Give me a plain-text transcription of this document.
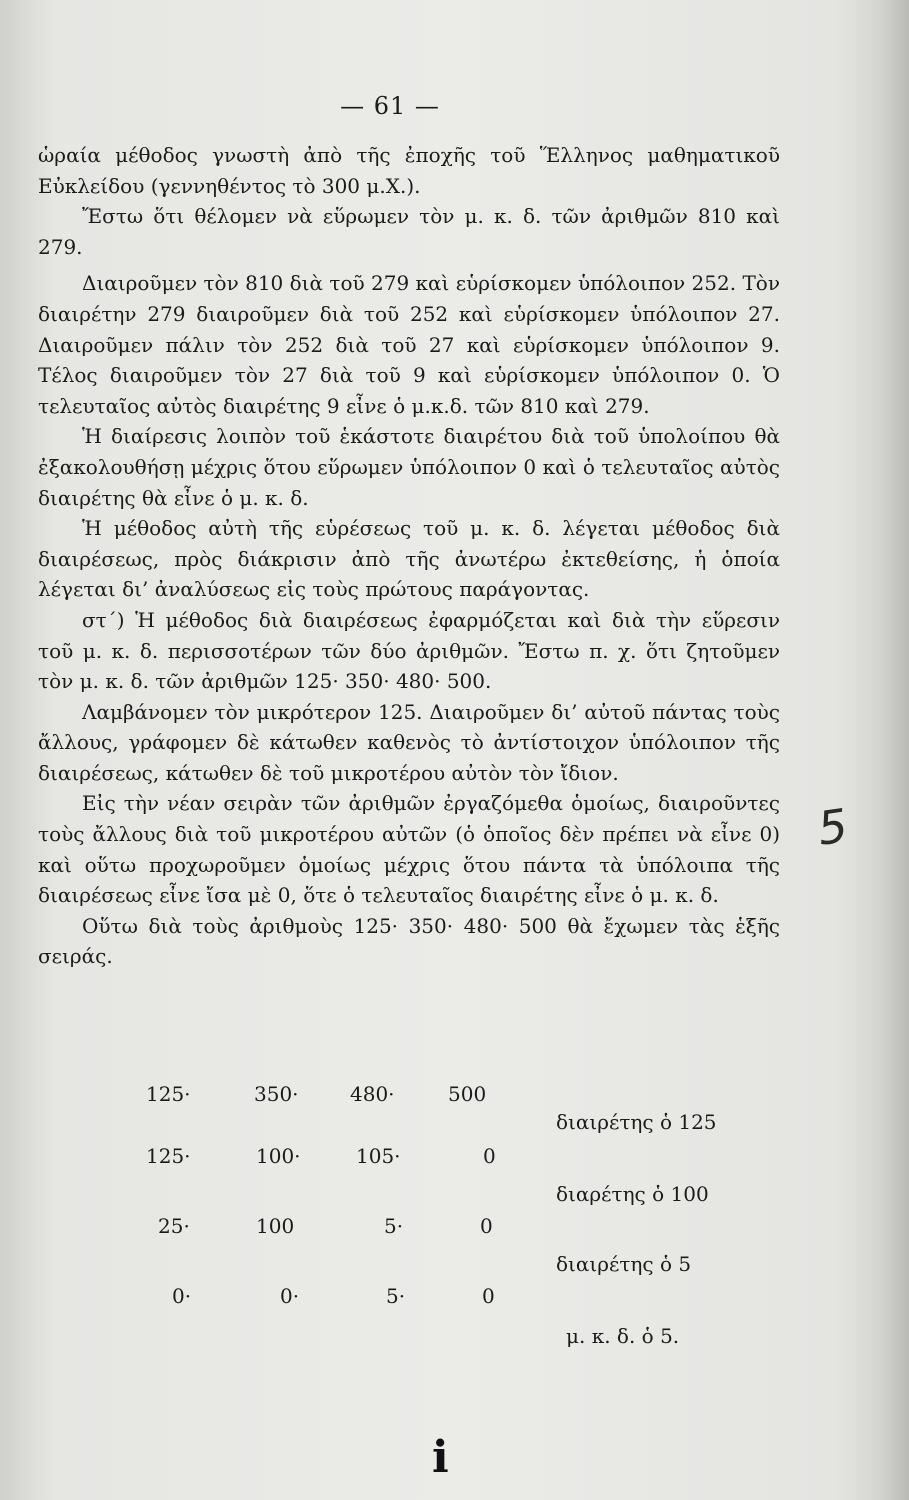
— 61 —

ὡραία μέθοδος γνωστὴ ἀπὸ τῆς ἐποχῆς τοῦ Ἕλληνος μαθηματικοῦ Εὐκλείδου (γεννηθέντος τὸ 300 μ.Χ.).

Ἔστω ὅτι θέλομεν νὰ εὕρωμεν τὸν μ. κ. δ. τῶν ἀριθμῶν 810 καὶ 279.

Διαιροῦμεν τὸν 810 διὰ τοῦ 279 καὶ εὑρίσκομεν ὑπόλοιπον 252. Τὸν διαιρέτην 279 διαιροῦμεν διὰ τοῦ 252 καὶ εὑρίσκομεν ὑπόλοιπον 27. Διαιροῦμεν πάλιν τὸν 252 διὰ τοῦ 27 καὶ εὑρίσκομεν ὑπόλοιπον 9. Τέλος διαιροῦμεν τὸν 27 διὰ τοῦ 9 καὶ εὑρίσκομεν ὑπόλοιπον 0. Ὁ τελευταῖος αὐτὸς διαιρέτης 9 εἶνε ὁ μ.κ.δ. τῶν 810 καὶ 279.

Ἡ διαίρεσις λοιπὸν τοῦ ἑκάστοτε διαιρέτου διὰ τοῦ ὑπολοίπου θὰ ἐξακολουθήσῃ μέχρις ὅτου εὕρωμεν ὑπόλοιπον 0 καὶ ὁ τελευταῖος αὐτὸς διαιρέτης θὰ εἶνε ὁ μ. κ. δ.

Ἡ μέθοδος αὐτὴ τῆς εὑρέσεως τοῦ μ. κ. δ. λέγεται μέθοδος διὰ διαιρέσεως, πρὸς διάκρισιν ἀπὸ τῆς ἀνωτέρω ἐκτεθείσης, ἡ ὁποία λέγεται δι’ ἀναλύσεως εἰς τοὺς πρώτους παράγοντας.

στ΄) Ἡ μέθοδος διὰ διαιρέσεως ἐφαρμόζεται καὶ διὰ τὴν εὕρεσιν τοῦ μ. κ. δ. περισσοτέρων τῶν δύο ἀριθμῶν. Ἔστω π. χ. ὅτι ζητοῦμεν τὸν μ. κ. δ. τῶν ἀριθμῶν 125· 350· 480· 500.

Λαμβάνομεν τὸν μικρότερον 125. Διαιροῦμεν δι’ αὐτοῦ πάντας τοὺς ἄλλους, γράφομεν δὲ κάτωθεν καθενὸς τὸ ἀντίστοιχον ὑπόλοιπον τῆς διαιρέσεως, κάτωθεν δὲ τοῦ μικροτέρου αὐτὸν τὸν ἴδιον.

Εἰς τὴν νέαν σειρὰν τῶν ἀριθμῶν ἐργαζόμεθα ὁμοίως, διαιροῦντες τοὺς ἄλλους διὰ τοῦ μικροτέρου αὐτῶν (ὁ ὁποῖος δὲν πρέπει νὰ εἶνε 0) καὶ οὕτω προχωροῦμεν ὁμοίως μέχρις ὅτου πάντα τὰ ὑπόλοιπα τῆς διαιρέσεως εἶνε ἴσα μὲ 0, ὅτε ὁ τελευταῖος διαιρέτης εἶνε ὁ μ. κ. δ.

Οὕτω διὰ τοὺς ἀριθμοὺς 125· 350· 480· 500 θὰ ἔχωμεν τὰς ἑξῆς σειράς.

125·	350·	480·	500
διαιρέτης ὁ 125
125·	100·	105·	0
διαρέτης ὁ 100
25·	100	5·	0
διαιρέτης ὁ 5
0·	0·	5·	0
μ. κ. δ. ὁ 5.
5
i
